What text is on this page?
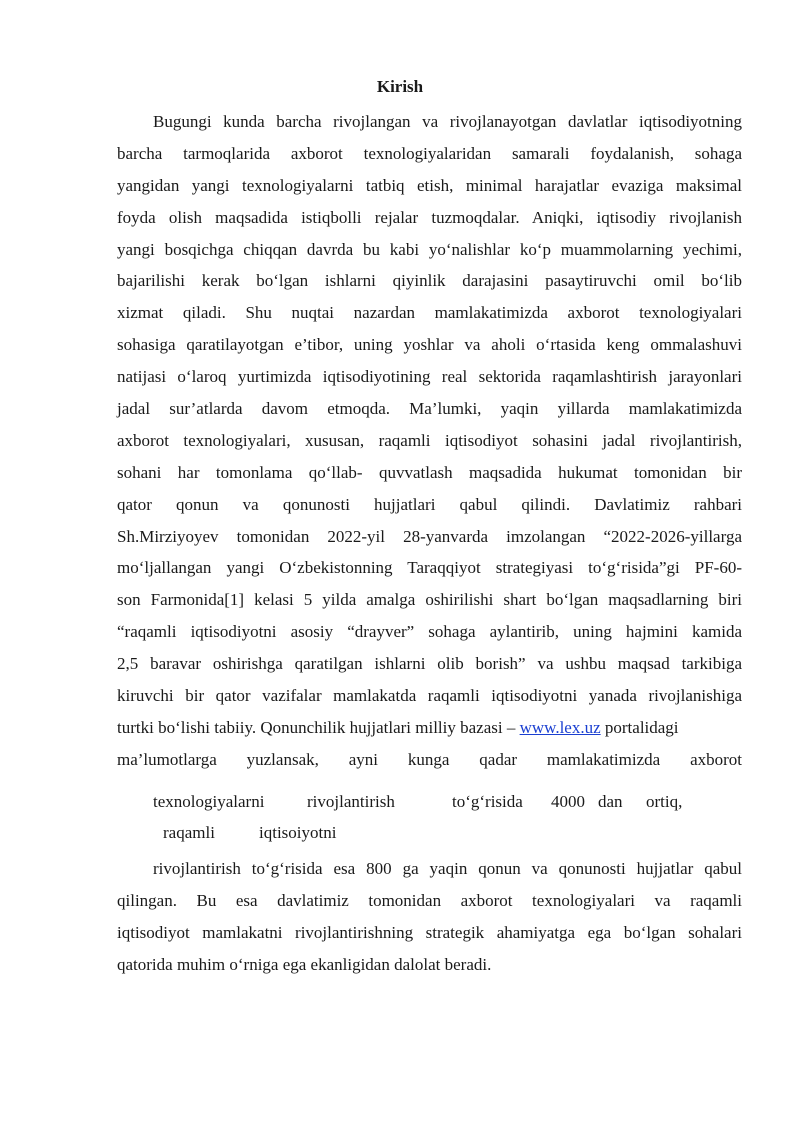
Kirish
Bugungi kunda barcha rivojlangan va rivojlanayotgan davlatlar iqtisodiyotning
barcha tarmoqlarida axborot texnologiyalaridan samarali foydalanish, sohaga
yangidan yangi texnologiyalarni tatbiq etish, minimal harajatlar evaziga maksimal
foyda olish maqsadida istiqbolli rejalar tuzmoqdalar. Aniqki, iqtisodiy rivojlanish
yangi bosqichga chiqqan davrda bu kabi yo‘nalishlar ko‘p muammolarning yechimi,
bajarilishi kerak bo‘lgan ishlarni qiyinlik darajasini pasaytiruvchi omil bo‘lib
xizmat qiladi. Shu nuqtai nazardan mamlakatimizda axborot texnologiyalari
sohasiga qaratilayotgan e’tibor, uning yoshlar va aholi o‘rtasida keng ommalashuvi
natijasi o‘laroq yurtimizda iqtisodiyotining real sektorida raqamlashtirish jarayonlari
jadal sur’atlarda davom etmoqda. Ma’lumki, yaqin yillarda mamlakatimizda
axborot texnologiyalari, xususan, raqamli iqtisodiyot sohasini jadal rivojlantirish,
sohani har tomonlama qo‘llab- quvvatlash maqsadida hukumat tomonidan bir
qator qonun va qonunosti hujjatlari qabul qilindi. Davlatimiz rahbari
Sh.Mirziyoyev tomonidan 2022-yil 28-yanvarda imzolangan “2022-2026-yillarga
mo‘ljallangan yangi O‘zbekistonning Taraqqiyot strategiyasi to‘g‘risida”gi PF-60-
son Farmonida[1] kelasi 5 yilda amalga oshirilishi shart bo‘lgan maqsadlarning biri
“raqamli iqtisodiyotni asosiy “drayver” sohaga aylantirib, uning hajmini kamida
2,5 baravar oshirishga qaratilgan ishlarni olib borish” va ushbu maqsad tarkibiga
kiruvchi bir qator vazifalar mamlakatda raqamli iqtisodiyotni yanada rivojlanishiga
turtki bo‘lishi tabiiy. Qonunchilik hujjatlari milliy bazasi – www.lex.uz portalidagi
ma’lumotlarga yuzlansak, ayni kunga qadar mamlakatimizda axborot
texnologiyalarni	rivojlantirish	to‘g‘risida 4000 dan ortiq,
raqamli	iqtisoiyotni
rivojlantirish to‘g‘risida esa 800 ga yaqin qonun va qonunosti hujjatlar qabul
qilingan. Bu esa davlatimiz tomonidan axborot texnologiyalari va raqamli
iqtisodiyot mamlakatni rivojlantirishning strategik ahamiyatga ega bo‘lgan sohalari
qatorida muhim o‘rniga ega ekanligidan dalolat beradi.
